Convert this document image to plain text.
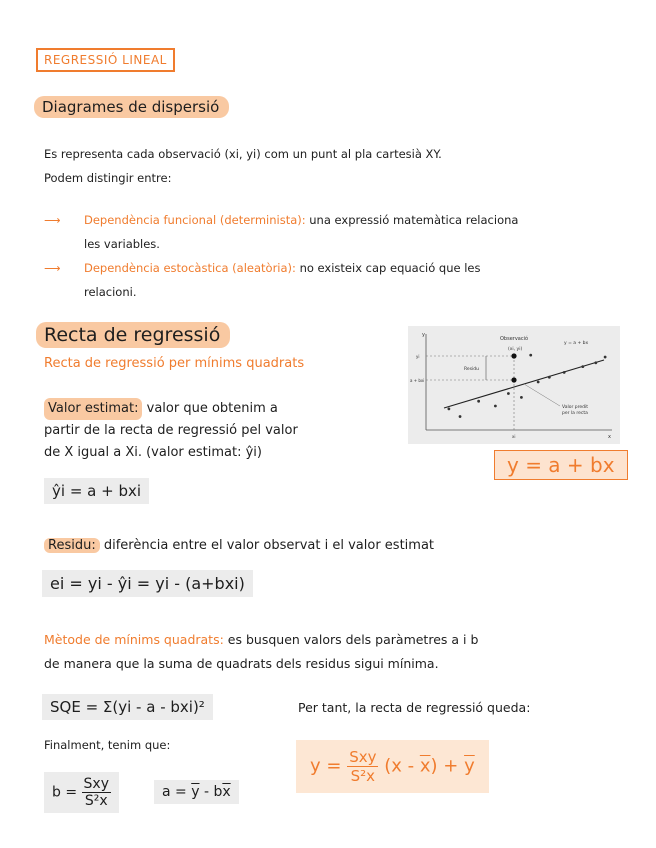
REGRESSIÓ LINEAL
Diagrames de dispersió
Es representa cada observació (xi, yi) com un punt al pla cartesià XY.
Podem distingir entre:
⟶	Dependència funcional (determinista): una expressió matemàtica relaciona
les variables.
⟶	Dependència estocàstica (aleatòria): no existeix cap equació que les
relacioni.
Recta de regressió
Recta de regressió per mínims quadrats
Valor estimat: valor que obtenim a
partir de la recta de regressió pel valor
de X igual a Xi. (valor estimat: ŷi)
ŷi = a + bxi
Observació
y = a + bx
Residu
Valor predit
per la recta
(xi, yi)
y
x
yi
a + bxi
xi
y = a + bx
Residu: diferència entre el valor observat i el valor estimat
ei = yi - ŷi = yi - (a+bxi)
Mètode de mínims quadrats: es busquen valors dels paràmetres a i b
de manera que la suma de quadrats dels residus sigui mínima.
SQE = Σ(yi - a - bxi)²	Per tant, la recta de regressió queda:
Finalment, tenim que:
$b = \frac{\text{Sxy}}{\text{S²x}}$	$a = \overline{y} - b\overline{x}$
$y = \frac{\text{Sxy}}{\text{S²x}} (x - \overline{x}) + \overline{y}$
